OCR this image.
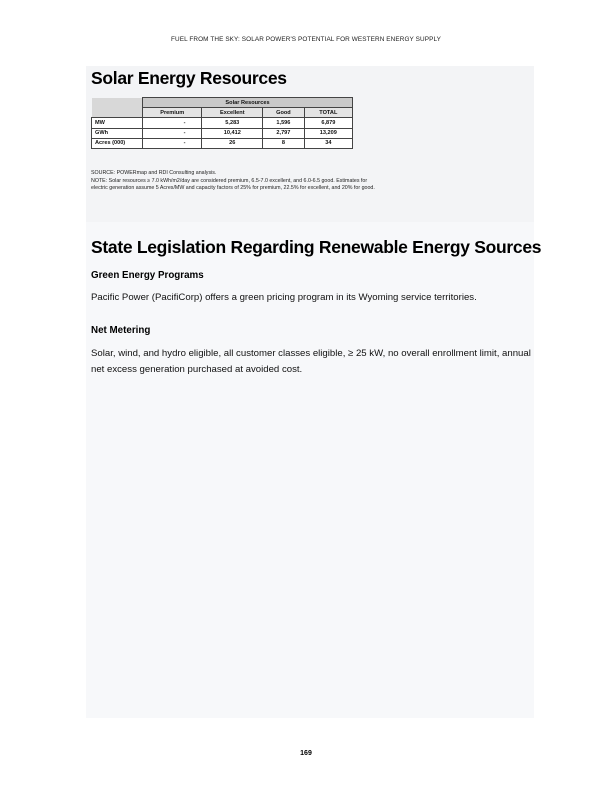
FUEL FROM THE SKY: SOLAR POWER'S POTENTIAL FOR WESTERN ENERGY SUPPLY
Solar Energy Resources
	Solar Resources			
	Premium	Excellent	Good	TOTAL
MW	-	5,283	1,596	6,879
GWh	-	10,412	2,797	13,209
Acres (000)	-	26	8	34

SOURCE: POWERmap and RDI Consulting analysis.

NOTE: Solar resources ≥ 7.0 kWh/m2/day are considered premium, 6.5-7.0 excellent, and 6.0-6.5 good. Estimates for electric generation assume 5 Acres/MW and capacity factors of 25% for premium, 22.5% for excellent, and 20% for good.

State Legislation Regarding Renewable Energy Sources
Green Energy Programs

Pacific Power (PacifiCorp) offers a green pricing program in its Wyoming service territories.

Net Metering

Solar, wind, and hydro eligible, all customer classes eligible, ≥ 25 kW, no overall enrollment limit, annual net excess generation purchased at avoided cost.

169
